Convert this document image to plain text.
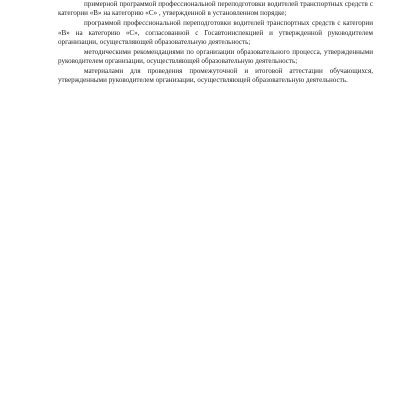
примерной программой профессиональной переподготовки водителей транспортных средств с категории «В» на категорию «С» , утвержденной в установленном порядке;

программой профессиональной переподготовки водителей транспортных средств с категории «В» на категорию «С», согласованной с Госавтоинспекцией и утвержденной руководителем организации, осуществляющей образовательную деятельность;

методическими рекомендациями по организации образовательного процесса, утвержденными руководителем организации, осуществляющей образовательную деятельность;

материалами для проведения промежуточной и итоговой аттестации обучающихся, утвержденными руководителем организации, осуществляющей образовательную деятельность.
